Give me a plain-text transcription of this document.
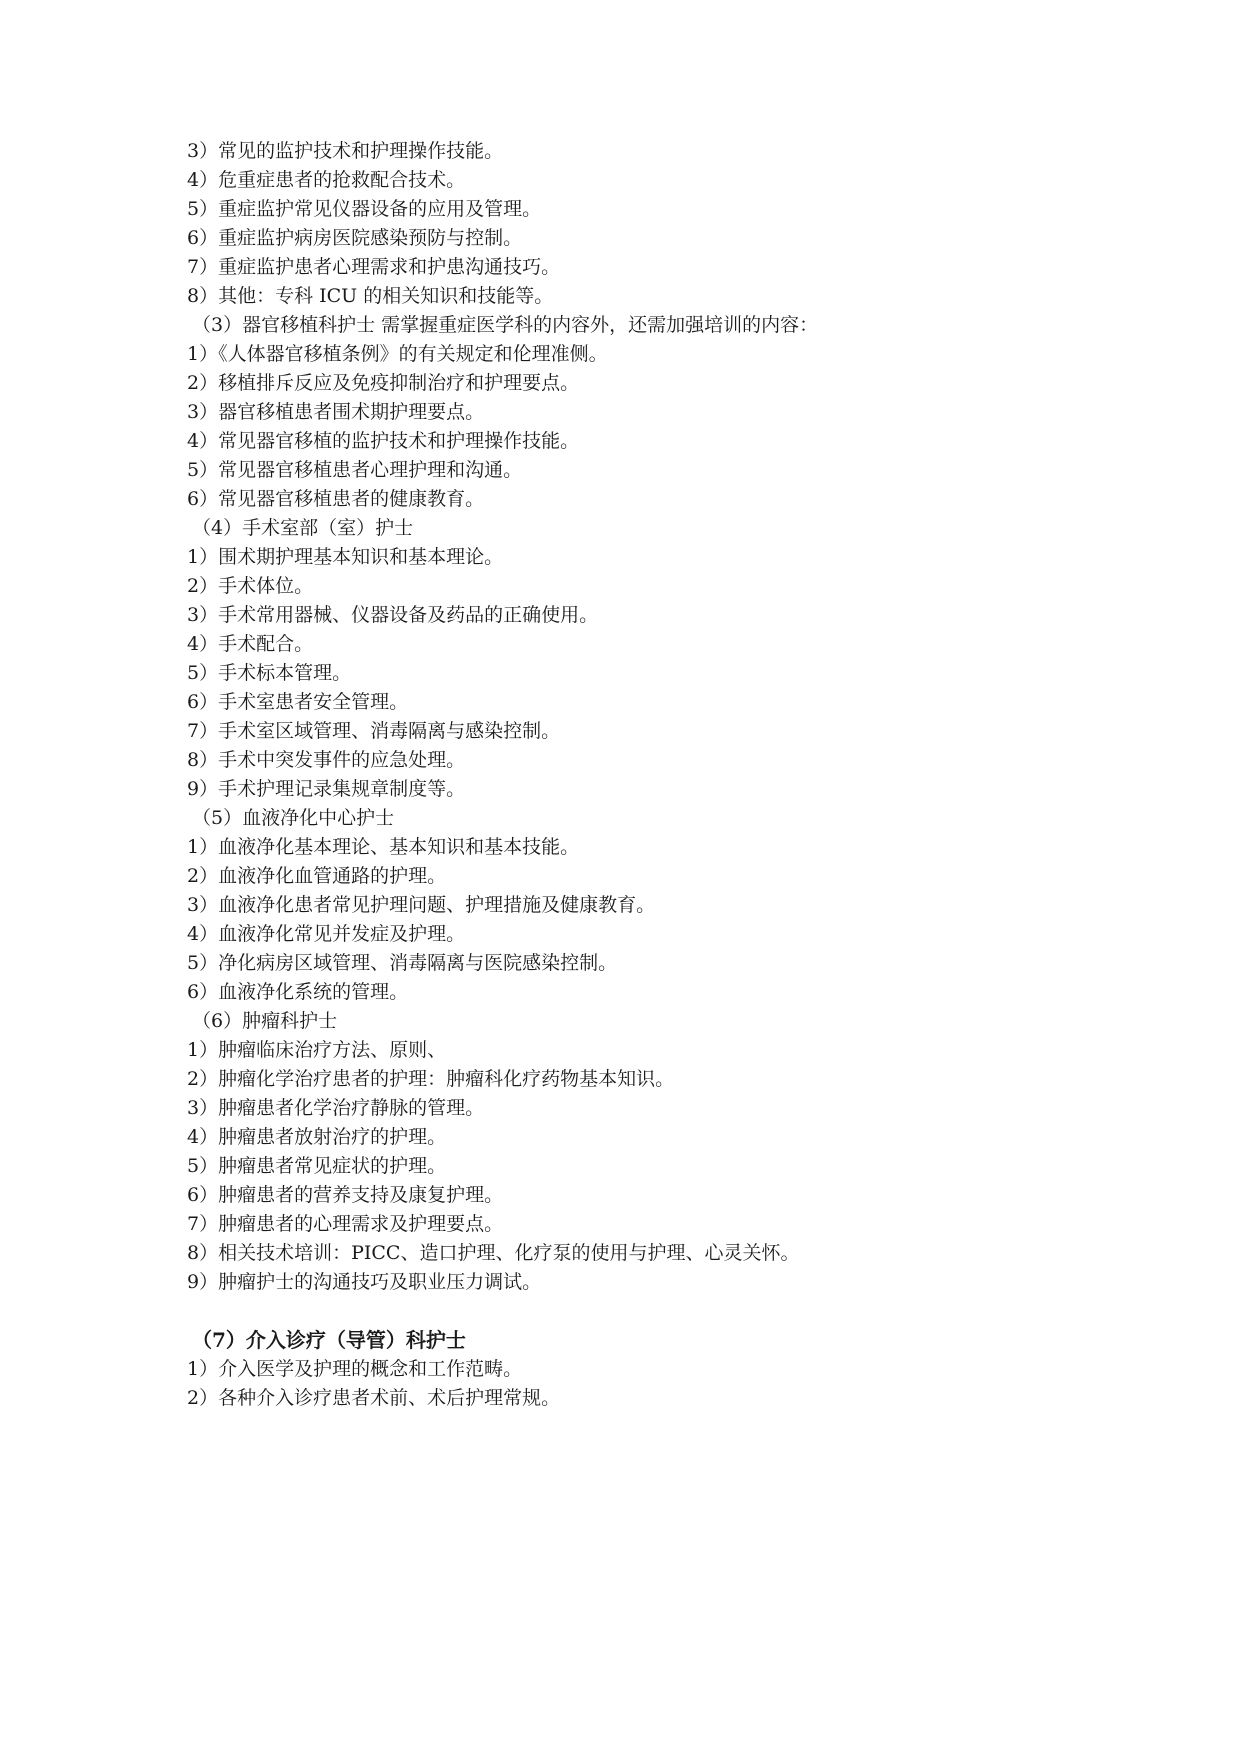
3）常见的监护技术和护理操作技能。
4）危重症患者的抢救配合技术。
5）重症监护常见仪器设备的应用及管理。
6）重症监护病房医院感染预防与控制。
7）重症监护患者心理需求和护患沟通技巧。
8）其他：专科 ICU 的相关知识和技能等。
（3）器官移植科护士 需掌握重症医学科的内容外，还需加强培训的内容：
1）《人体器官移植条例》的有关规定和伦理准侧。
2）移植排斥反应及免疫抑制治疗和护理要点。
3）器官移植患者围术期护理要点。
4）常见器官移植的监护技术和护理操作技能。
5）常见器官移植患者心理护理和沟通。
6）常见器官移植患者的健康教育。
（4）手术室部（室）护士
1）围术期护理基本知识和基本理论。
2）手术体位。
3）手术常用器械、仪器设备及药品的正确使用。
4）手术配合。
5）手术标本管理。
6）手术室患者安全管理。
7）手术室区域管理、消毒隔离与感染控制。
8）手术中突发事件的应急处理。
9）手术护理记录集规章制度等。
（5）血液净化中心护士
1）血液净化基本理论、基本知识和基本技能。
2）血液净化血管通路的护理。
3）血液净化患者常见护理问题、护理措施及健康教育。
4）血液净化常见并发症及护理。
5）净化病房区域管理、消毒隔离与医院感染控制。
6）血液净化系统的管理。
（6）肿瘤科护士
1）肿瘤临床治疗方法、原则、
2）肿瘤化学治疗患者的护理：肿瘤科化疗药物基本知识。
3）肿瘤患者化学治疗静脉的管理。
4）肿瘤患者放射治疗的护理。
5）肿瘤患者常见症状的护理。
6）肿瘤患者的营养支持及康复护理。
7）肿瘤患者的心理需求及护理要点。
8）相关技术培训：PICC、造口护理、化疗泵的使用与护理、心灵关怀。
9）肿瘤护士的沟通技巧及职业压力调试。
（7）介入诊疗（导管）科护士
1）介入医学及护理的概念和工作范畴。
2）各种介入诊疗患者术前、术后护理常规。
